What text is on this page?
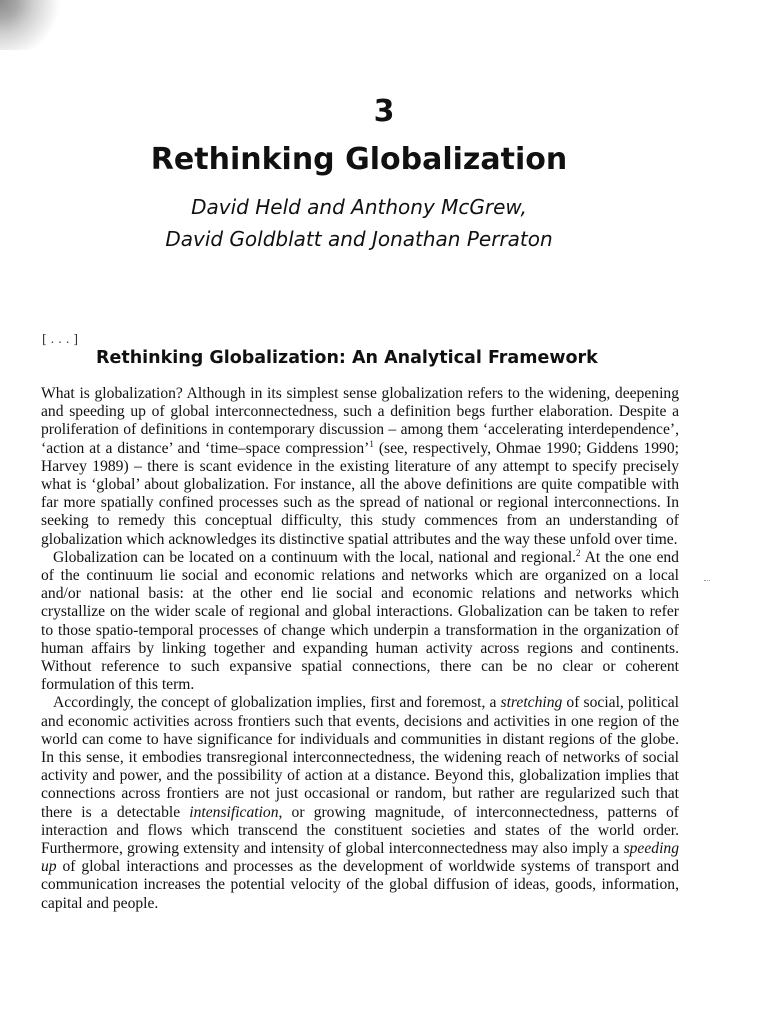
3
Rethinking Globalization
David Held and Anthony McGrew,
David Goldblatt and Jonathan Perraton
[ . . . ]
Rethinking Globalization: An Analytical Framework

What is globalization? Although in its simplest sense globalization refers to the widening, deepening and speeding up of global interconnectedness, such a definition begs further elaboration. Despite a proliferation of definitions in contemporary discussion – among them ‘accelerating interdependence’, ‘action at a distance’ and ‘time–space compression’$^1$ (see, respectively, Ohmae 1990; Giddens 1990; Harvey 1989) – there is scant evidence in the existing literature of any attempt to specify precisely what is ‘global’ about globalization. For instance, all the above definitions are quite compatible with far more spatially confined processes such as the spread of national or regional interconnections. In seeking to remedy this conceptual difficulty, this study commences from an understanding of globalization which acknowledges its distinctive spatial attributes and the way these unfold over time.

Globalization can be located on a continuum with the local, national and regional.$^2$ At the one end of the continuum lie social and economic relations and networks which are organized on a local and/or national basis: at the other end lie social and economic relations and networks which crystallize on the wider scale of regional and global interactions. Globalization can be taken to refer to those spatio-temporal processes of change which underpin a transformation in the organization of human affairs by linking together and expanding human activity across regions and continents. Without reference to such expansive spatial connections, there can be no clear or coherent formulation of this term.

Accordingly, the concept of globalization implies, first and foremost, a stretching of social, political and economic activities across frontiers such that events, decisions and activities in one region of the world can come to have significance for individuals and communities in distant regions of the globe. In this sense, it embodies transregional interconnectedness, the widening reach of networks of social activity and power, and the possibility of action at a distance. Beyond this, globalization implies that connections across frontiers are not just occasional or random, but rather are regularized such that there is a detectable intensification, or growing magnitude, of interconnectedness, patterns of interaction and flows which transcend the constituent societies and states of the world order. Furthermore, growing extensity and intensity of global interconnectedness may also imply a speeding up of global interactions and processes as the development of worldwide systems of transport and communication increases the potential velocity of the global diffusion of ideas, goods, information, capital and people.
